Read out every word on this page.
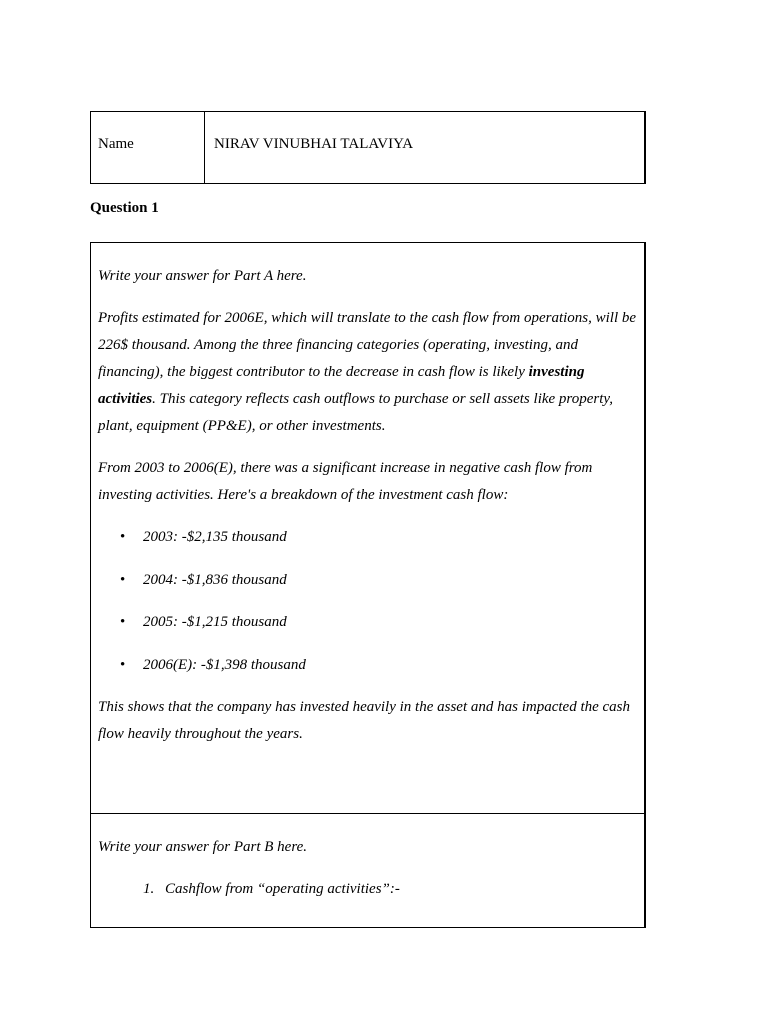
Name	NIRAV VINUBHAI TALAVIYA
Question 1

Write your answer for Part A here.

Profits estimated for 2006E, which will translate to the cash flow from operations, will be 226$ thousand. Among the three financing categories (operating, investing, and financing), the biggest contributor to the decrease in cash flow is likely investing activities. This category reflects cash outflows to purchase or sell assets like property, plant, equipment (PP&E), or other investments.

From 2003 to 2006(E), there was a significant increase in negative cash flow from investing activities. Here's a breakdown of the investment cash flow:

• 2003: -$2,135 thousand
• 2004: -$1,836 thousand
• 2005: -$1,215 thousand
• 2006(E): -$1,398 thousand

This shows that the company has invested heavily in the asset and has impacted the cash flow heavily throughout the years.

Write your answer for Part B here.

1. Cashflow from “operating activities”:-
